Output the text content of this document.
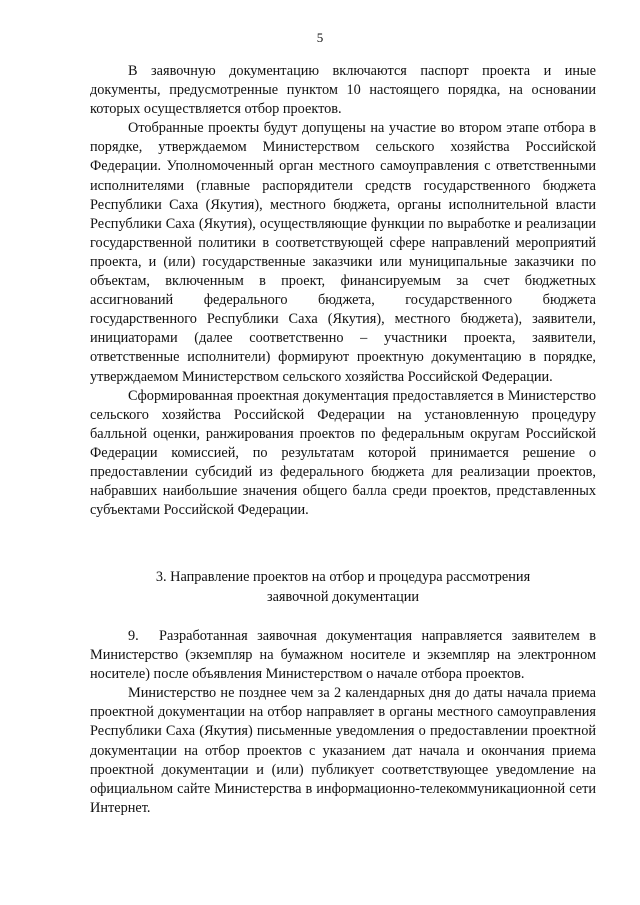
5

В заявочную документацию включаются паспорт проекта и иные документы, предусмотренные пунктом 10 настоящего порядка, на основании которых осуществляется отбор проектов.

Отобранные проекты будут допущены на участие во втором этапе отбора в порядке, утверждаемом Министерством сельского хозяйства Российской Федерации. Уполномоченный орган местного самоуправления с ответственными исполнителями (главные распорядители средств государственного бюджета Республики Саха (Якутия), местного бюджета, органы исполнительной власти Республики Саха (Якутия), осуществляющие функции по выработке и реализации государственной политики в соответствующей сфере направлений мероприятий проекта, и (или) государственные заказчики или муниципальные заказчики по объектам, включенным в проект, финансируемым за счет бюджетных ассигнований федерального бюджета, государственного бюджета государственного Республики Саха (Якутия), местного бюджета), заявители, инициаторами (далее соответственно – участники проекта, заявители, ответственные исполнители) формируют проектную документацию в порядке, утверждаемом Министерством сельского хозяйства Российской Федерации.

Сформированная проектная документация предоставляется в Министерство сельского хозяйства Российской Федерации на установленную процедуру балльной оценки, ранжирования проектов по федеральным округам Российской Федерации комиссией, по результатам которой принимается решение о предоставлении субсидий из федерального бюджета для реализации проектов, набравших наибольшие значения общего балла среди проектов, представленных субъектами Российской Федерации.

3. Направление проектов на отбор и процедура рассмотрения
заявочной документации

9. Разработанная заявочная документация направляется заявителем в Министерство (экземпляр на бумажном носителе и экземпляр на электронном носителе) после объявления Министерством о начале отбора проектов.

Министерство не позднее чем за 2 календарных дня до даты начала приема проектной документации на отбор направляет в органы местного самоуправления Республики Саха (Якутия) письменные уведомления о предоставлении проектной документации на отбор проектов с указанием дат начала и окончания приема проектной документации и (или) публикует соответствующее уведомление на официальном сайте Министерства в информационно-телекоммуникационной сети Интернет.
